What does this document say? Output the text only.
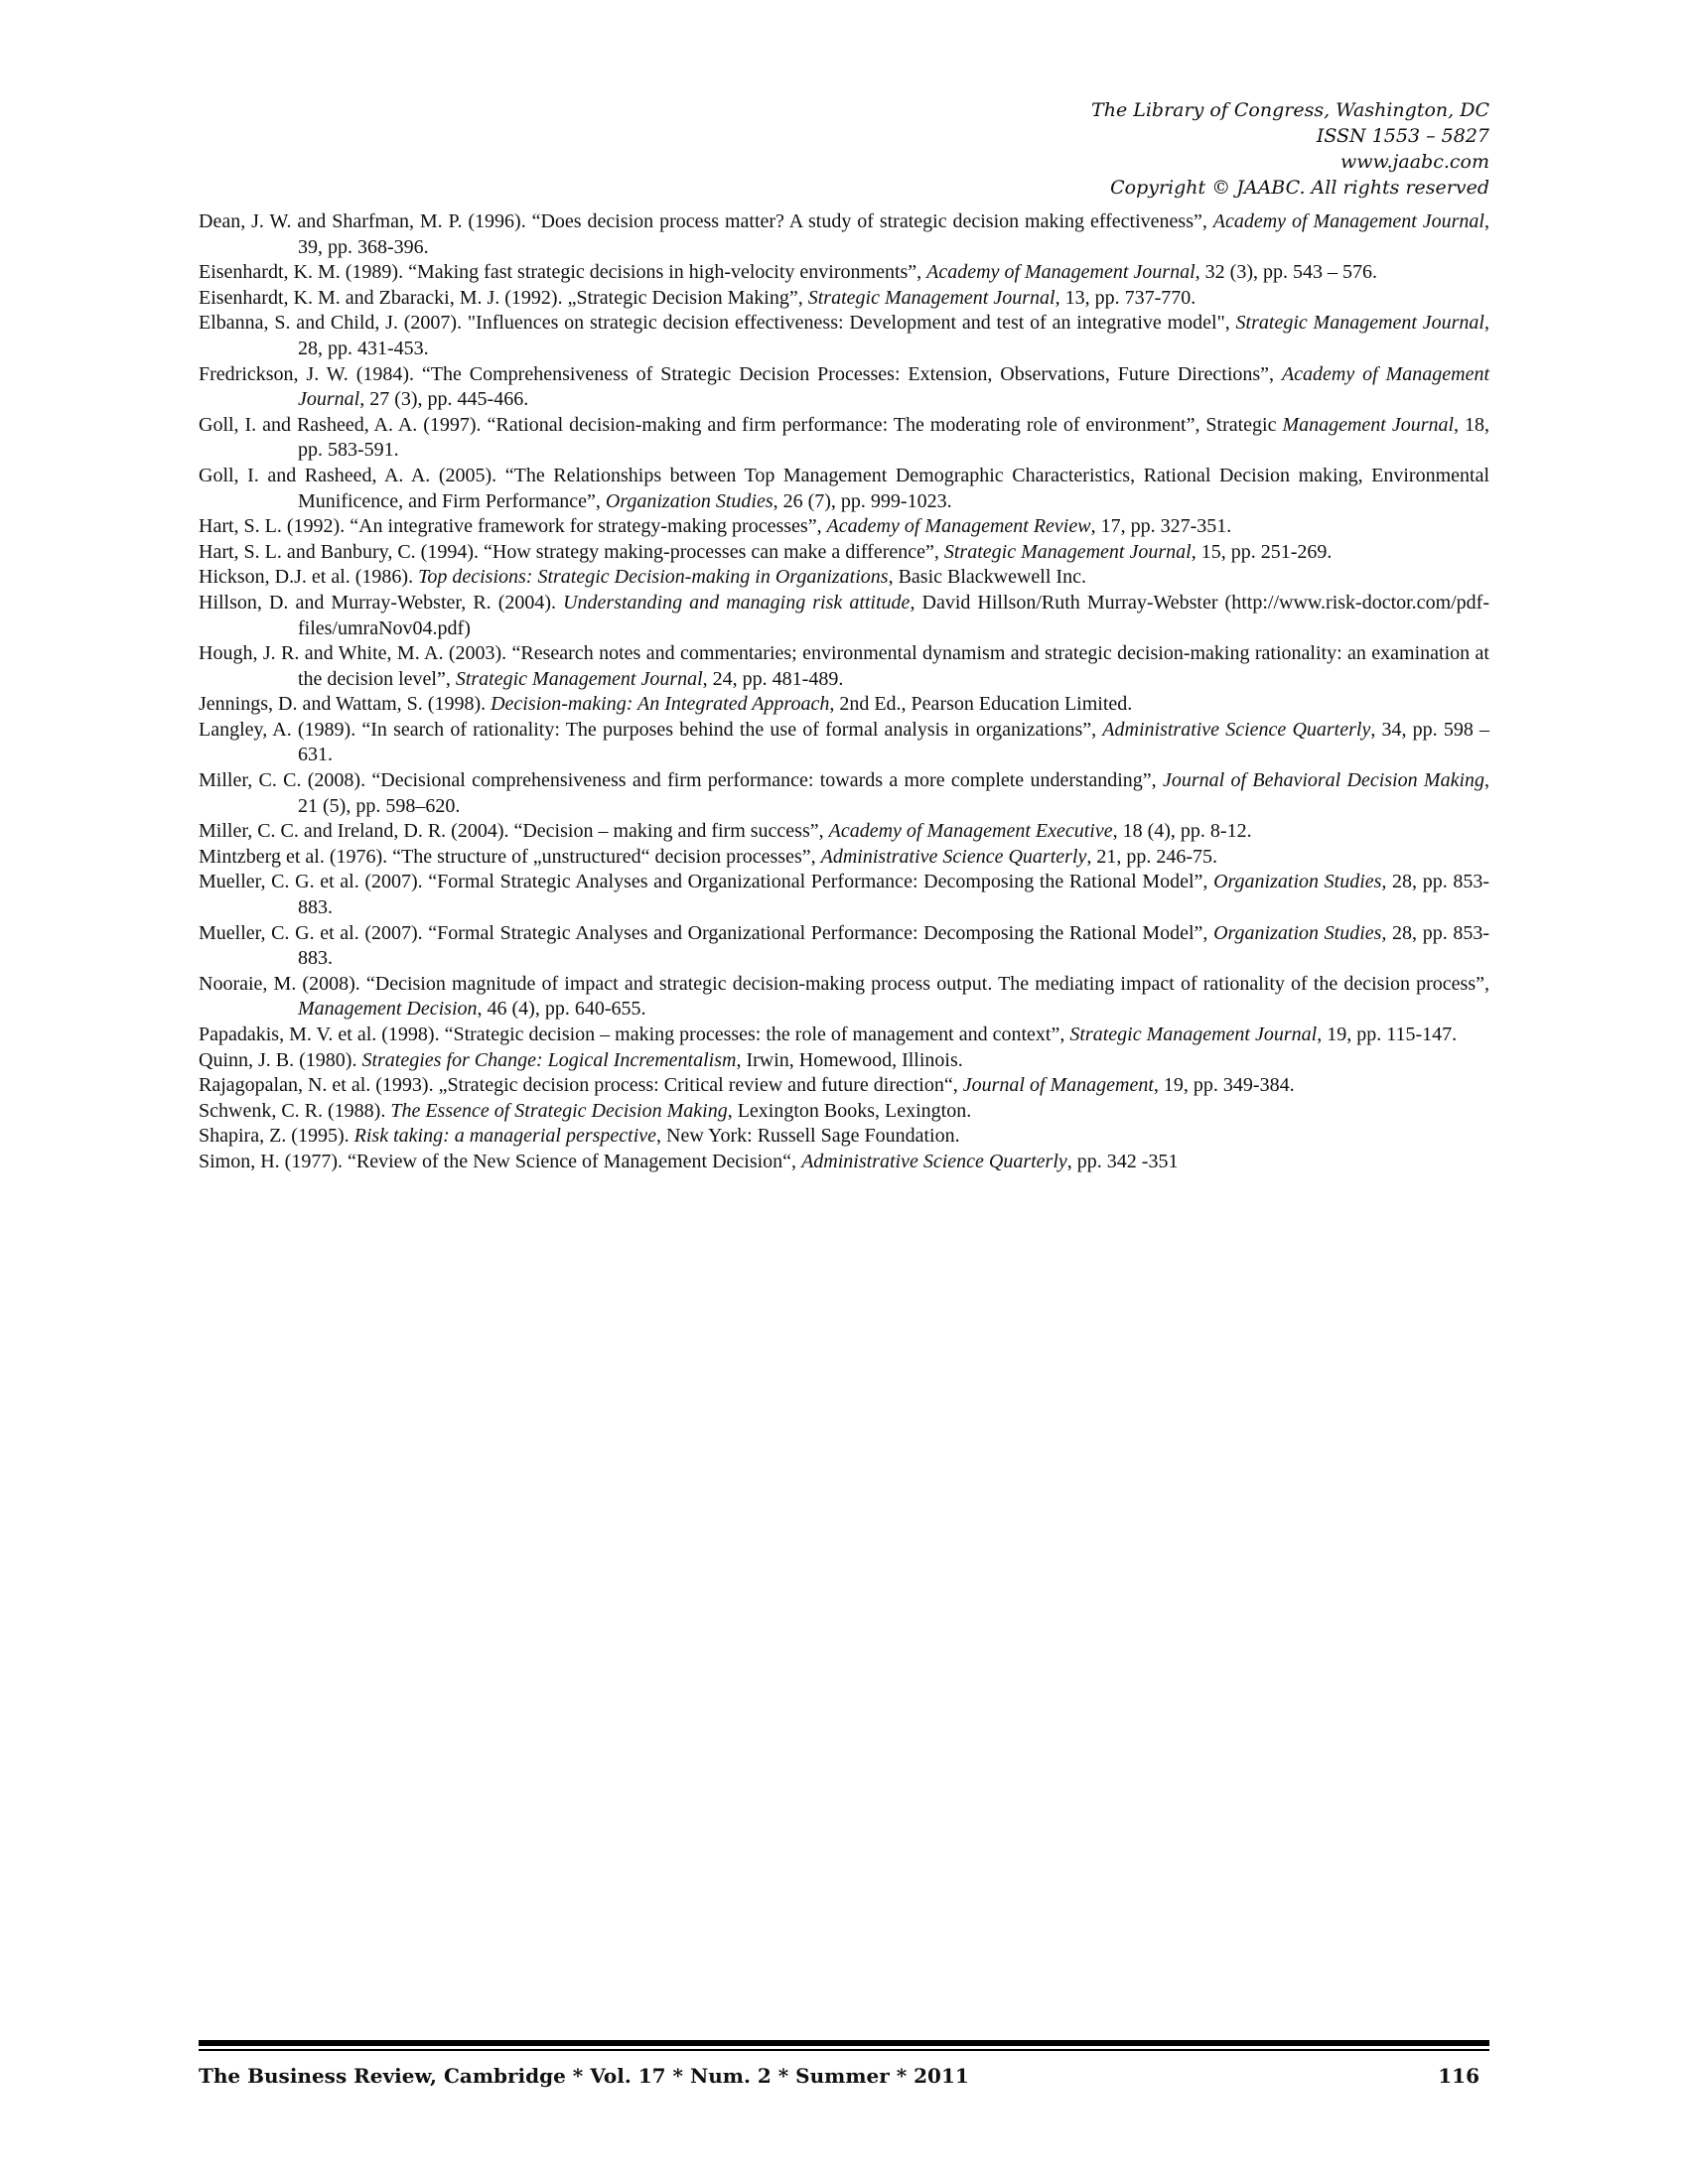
The Library of Congress, Washington, DC
ISSN 1553 – 5827
www.jaabc.com
Copyright © JAABC. All rights reserved

Dean, J. W. and Sharfman, M. P. (1996). “Does decision process matter? A study of strategic decision making effectiveness”, Academy of Management Journal, 39, pp. 368-396.

Eisenhardt, K. M. (1989). “Making fast strategic decisions in high-velocity environments”, Academy of Management Journal, 32 (3), pp. 543 – 576.

Eisenhardt, K. M. and Zbaracki, M. J. (1992). „Strategic Decision Making”, Strategic Management Journal, 13, pp. 737-770.

Elbanna, S. and Child, J. (2007). "Influences on strategic decision effectiveness: Development and test of an integrative model", Strategic Management Journal, 28, pp. 431-453.

Fredrickson, J. W. (1984). “The Comprehensiveness of Strategic Decision Processes: Extension, Observations, Future Directions”, Academy of Management Journal, 27 (3), pp. 445-466.

Goll, I. and Rasheed, A. A. (1997). “Rational decision-making and firm performance: The moderating role of environment”, Strategic Management Journal, 18, pp. 583-591.

Goll, I. and Rasheed, A. A. (2005). “The Relationships between Top Management Demographic Characteristics, Rational Decision making, Environmental Munificence, and Firm Performance”, Organization Studies, 26 (7), pp. 999-1023.

Hart, S. L. (1992). “An integrative framework for strategy-making processes”, Academy of Management Review, 17, pp. 327-351.

Hart, S. L. and Banbury, C. (1994). “How strategy making-processes can make a difference”, Strategic Management Journal, 15, pp. 251-269.

Hickson, D.J. et al. (1986). Top decisions: Strategic Decision-making in Organizations, Basic Blackwewell Inc.

Hillson, D. and Murray-Webster, R. (2004). Understanding and managing risk attitude, David Hillson/Ruth Murray-Webster (http://www.risk-doctor.com/pdf-files/umraNov04.pdf)

Hough, J. R. and White, M. A. (2003). “Research notes and commentaries; environmental dynamism and strategic decision-making rationality: an examination at the decision level”, Strategic Management Journal, 24, pp. 481-489.

Jennings, D. and Wattam, S. (1998). Decision-making: An Integrated Approach, 2nd Ed., Pearson Education Limited.

Langley, A. (1989). “In search of rationality: The purposes behind the use of formal analysis in organizations”, Administrative Science Quarterly, 34, pp. 598 – 631.

Miller, C. C. (2008). “Decisional comprehensiveness and firm performance: towards a more complete understanding”, Journal of Behavioral Decision Making, 21 (5), pp. 598–620.

Miller, C. C. and Ireland, D. R. (2004). “Decision – making and firm success”, Academy of Management Executive, 18 (4), pp. 8-12.

Mintzberg et al. (1976). “The structure of „unstructured“ decision processes”, Administrative Science Quarterly, 21, pp. 246-75.

Mueller, C. G. et al. (2007). “Formal Strategic Analyses and Organizational Performance: Decomposing the Rational Model”, Organization Studies, 28, pp. 853-883.

Mueller, C. G. et al. (2007). “Formal Strategic Analyses and Organizational Performance: Decomposing the Rational Model”, Organization Studies, 28, pp. 853-883.

Nooraie, M. (2008). “Decision magnitude of impact and strategic decision-making process output. The mediating impact of rationality of the decision process”, Management Decision, 46 (4), pp. 640-655.

Papadakis, M. V. et al. (1998). “Strategic decision – making processes: the role of management and context”, Strategic Management Journal, 19, pp. 115-147.

Quinn, J. B. (1980). Strategies for Change: Logical Incrementalism, Irwin, Homewood, Illinois.

Rajagopalan, N. et al. (1993). „Strategic decision process: Critical review and future direction“, Journal of Management, 19, pp. 349-384.

Schwenk, C. R. (1988). The Essence of Strategic Decision Making, Lexington Books, Lexington.

Shapira, Z. (1995). Risk taking: a managerial perspective, New York: Russell Sage Foundation.

Simon, H. (1977). “Review of the New Science of Management Decision“, Administrative Science Quarterly, pp. 342 -351

The Business Review, Cambridge * Vol. 17 * Num. 2 * Summer * 2011	116
